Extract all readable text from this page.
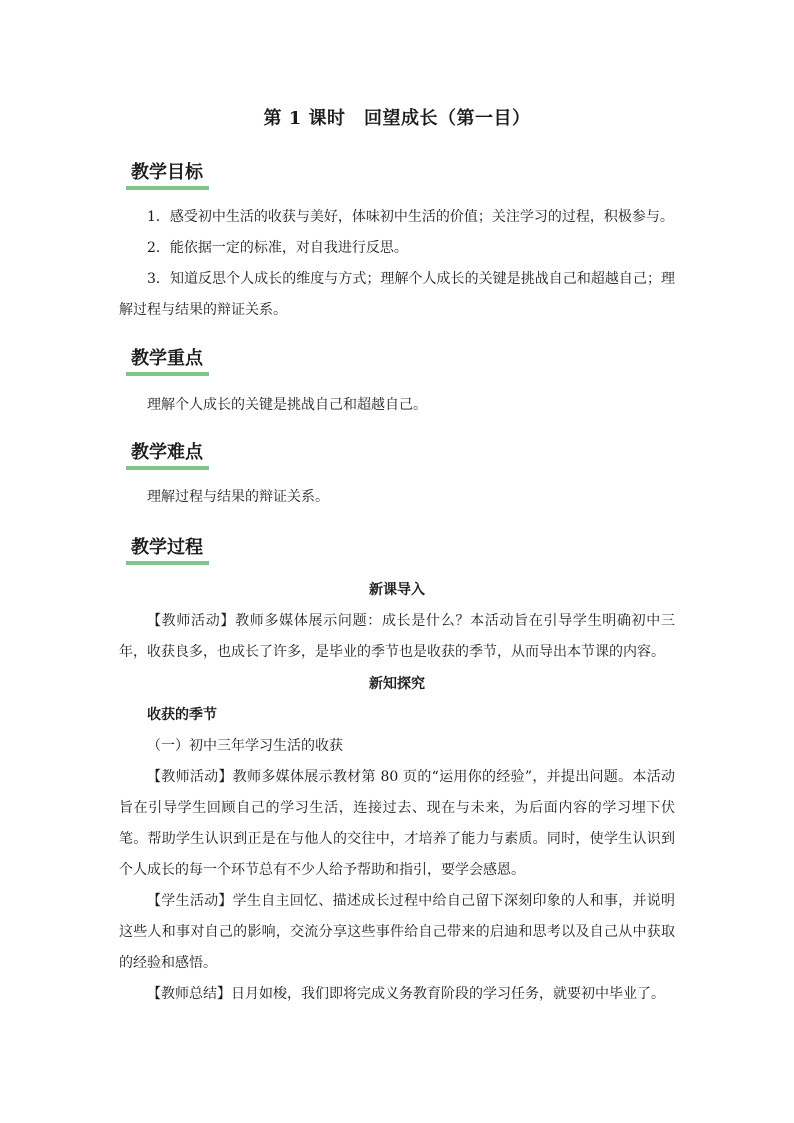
第 1 课时　回望成长（第一目）
教学目标

1．感受初中生活的收获与美好，体味初中生活的价值；关注学习的过程，积极参与。

2．能依据一定的标准，对自我进行反思。

3．知道反思个人成长的维度与方式；理解个人成长的关键是挑战自己和超越自己；理解过程与结果的辩证关系。

教学重点

理解个人成长的关键是挑战自己和超越自己。

教学难点

理解过程与结果的辩证关系。

教学过程
新课导入

【教师活动】教师多媒体展示问题：成长是什么？本活动旨在引导学生明确初中三年，收获良多，也成长了许多，是毕业的季节也是收获的季节，从而导出本节课的内容。

新知探究
收获的季节
（一）初中三年学习生活的收获

【教师活动】教师多媒体展示教材第 80 页的“运用你的经验”，并提出问题。本活动旨在引导学生回顾自己的学习生活，连接过去、现在与未来，为后面内容的学习埋下伏笔。帮助学生认识到正是在与他人的交往中，才培养了能力与素质。同时，使学生认识到个人成长的每一个环节总有不少人给予帮助和指引，要学会感恩。

【学生活动】学生自主回忆、描述成长过程中给自己留下深刻印象的人和事，并说明这些人和事对自己的影响，交流分享这些事件给自己带来的启迪和思考以及自己从中获取的经验和感悟。

【教师总结】日月如梭，我们即将完成义务教育阶段的学习任务，就要初中毕业了。
